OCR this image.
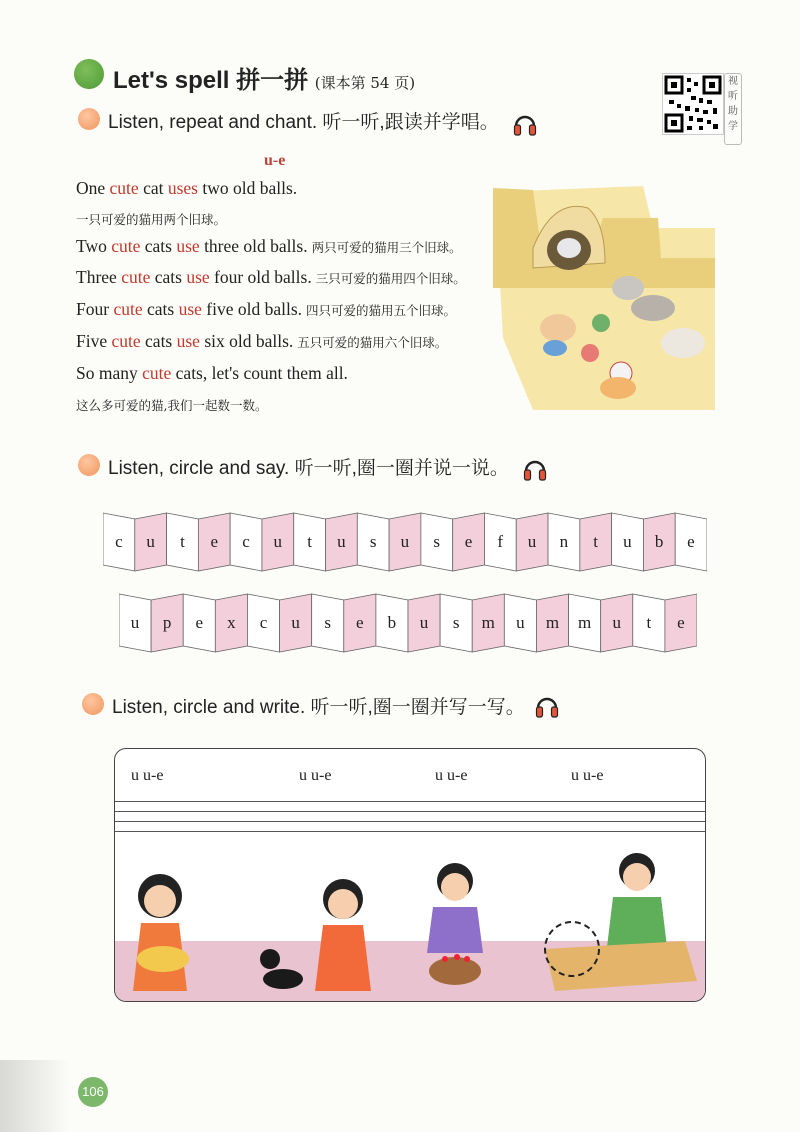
Let's spell 拼一拼 (课本第 54 页)	视听助学
Listen, repeat and chant. 听一听,跟读并学唱。
u-e
One cute cat uses two old balls.
一只可爱的猫用两个旧球。
Two cute cats use three old balls. 两只可爱的猫用三个旧球。
Three cute cats use four old balls. 三只可爱的猫用四个旧球。
Four cute cats use five old balls. 四只可爱的猫用五个旧球。
Five cute cats use six old balls. 五只可爱的猫用六个旧球。
So many cute cats, let's count them all.
这么多可爱的猫,我们一起数一数。
Listen, circle and say. 听一听,圈一圈并说一说。
c	u	t	e	c	u	t	u	s	u	s	e	f	u	n	t	u	b	e
u	p	e	x	c	u	s	e	b	u	s	m	u	m	m	u	t	e
Listen, circle and write. 听一听,圈一圈并写一写。
u u-e	u u-e	u u-e	u u-e
106
